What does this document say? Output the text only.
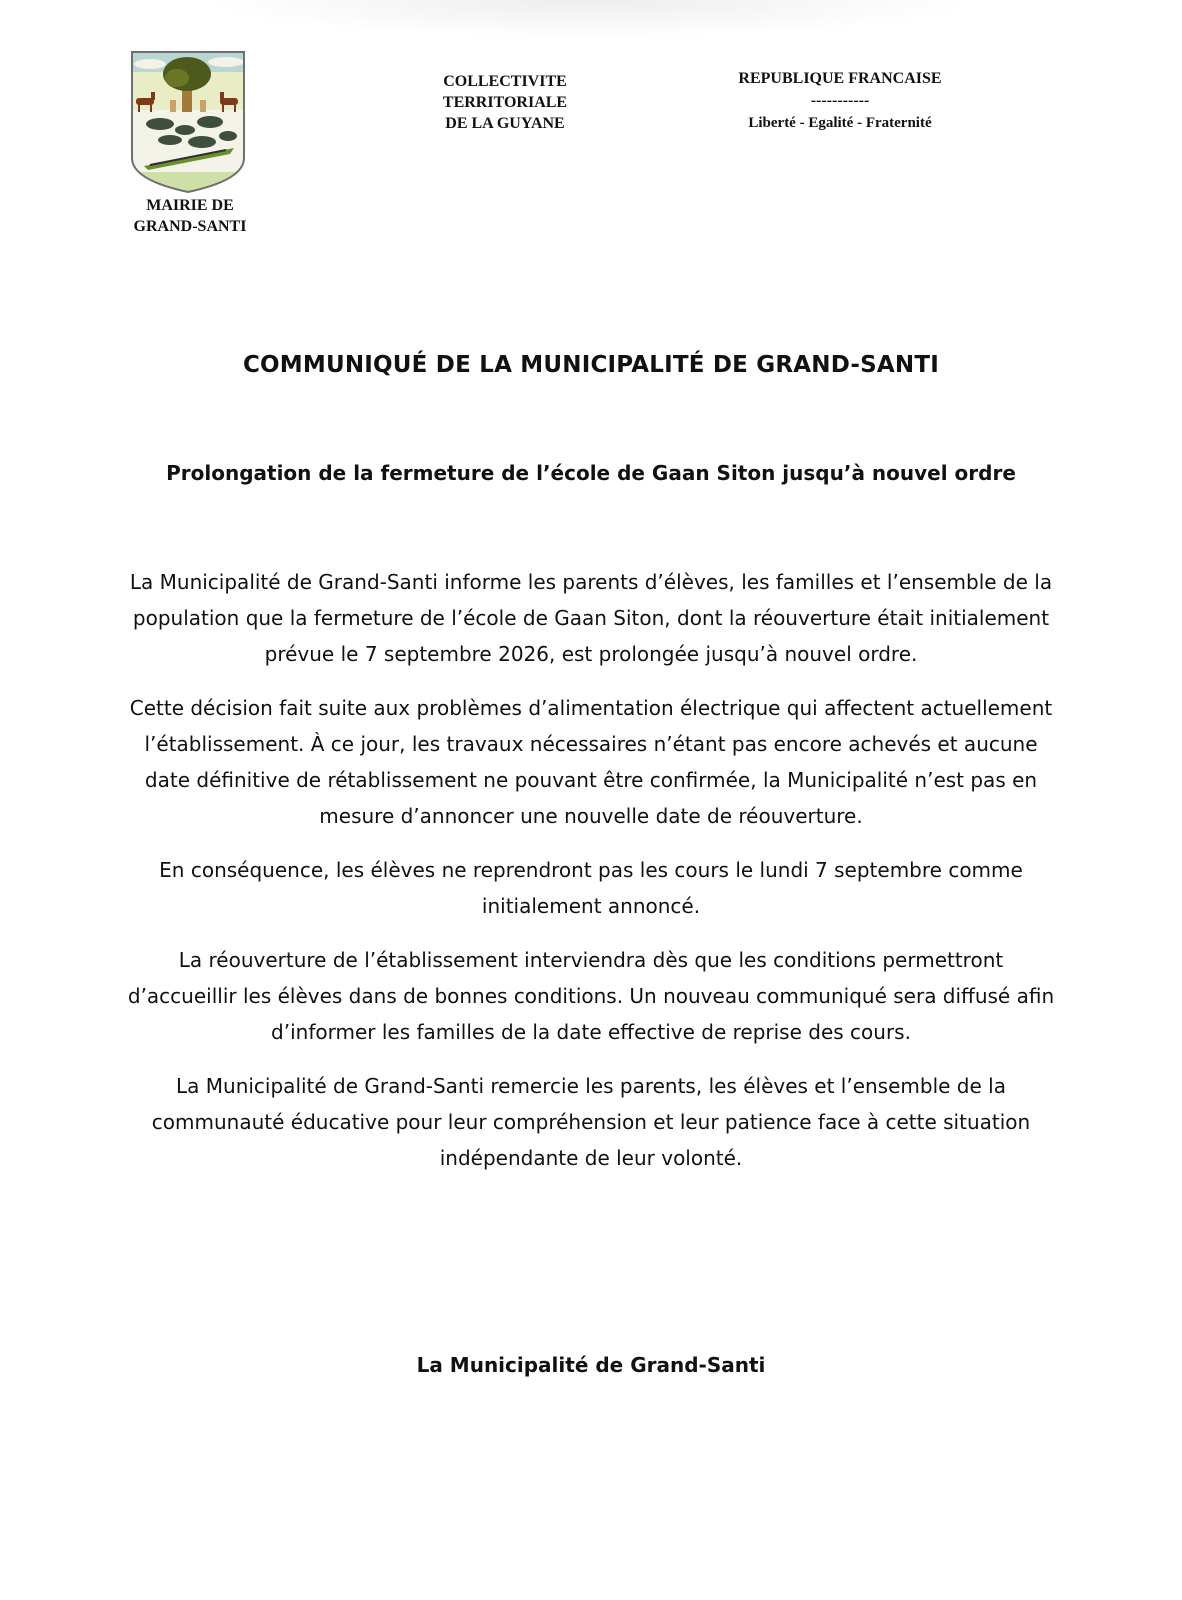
MAIRIE DE
GRAND-SANTI
COLLECTIVITE
TERRITORIALE
DE LA GUYANE
REPUBLIQUE FRANCAISE
-----------
Liberté - Egalité - Fraternité
COMMUNIQUÉ DE LA MUNICIPALITÉ DE GRAND-SANTI
Prolongation de la fermeture de l’école de Gaan Siton jusqu’à nouvel ordre

La Municipalité de Grand-Santi informe les parents d’élèves, les familles et l’ensemble de la population que la fermeture de l’école de Gaan Siton, dont la réouverture était initialement prévue le 7 septembre 2026, est prolongée jusqu’à nouvel ordre.

Cette décision fait suite aux problèmes d’alimentation électrique qui affectent actuellement l’établissement. À ce jour, les travaux nécessaires n’étant pas encore achevés et aucune date définitive de rétablissement ne pouvant être confirmée, la Municipalité n’est pas en mesure d’annoncer une nouvelle date de réouverture.

En conséquence, les élèves ne reprendront pas les cours le lundi 7 septembre comme initialement annoncé.

La réouverture de l’établissement interviendra dès que les conditions permettront d’accueillir les élèves dans de bonnes conditions. Un nouveau communiqué sera diffusé afin d’informer les familles de la date effective de reprise des cours.

La Municipalité de Grand-Santi remercie les parents, les élèves et l’ensemble de la communauté éducative pour leur compréhension et leur patience face à cette situation indépendante de leur volonté.

La Municipalité de Grand-Santi
